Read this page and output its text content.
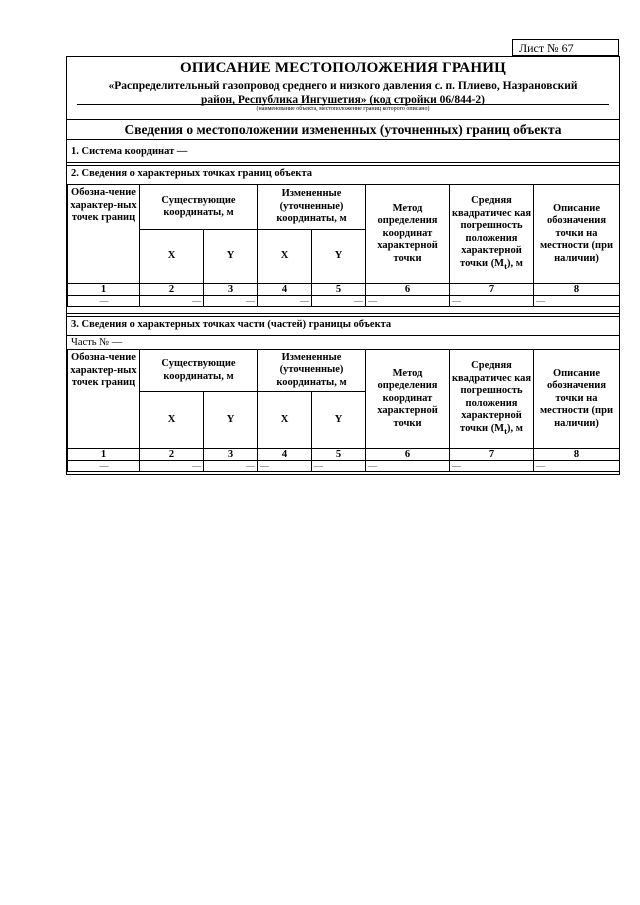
Лист № 67
ОПИСАНИЕ МЕСТОПОЛОЖЕНИЯ ГРАНИЦ
«Распределительный газопровод среднего и низкого давления с. п. Плиево, Назрановский
район, Республика Ингушетия» (код стройки 06/844-2)
(наименование объекта, местоположение границ которого описано)
Сведения о местоположении измененных (уточненных) границ объекта
1. Система координат —
2. Сведения о характерных точках границ объекта
Обозна-чение характер-ных точек границ	Существующие координаты, м		Измененные (уточненные) координаты, м		Метод определения координат характерной точки	Средняя квадратичес кая погрешность положения характерной точки $(M_t)$, м	Описание обозначения точки на местности (при наличии)
	X	Y	X	Y			
1	2	3	4	5	6	7	8
—	—	—	—	—	—	—	—
3. Сведения о характерных точках части (частей) границы объекта
Часть № —
Обозна-чение характер-ных точек границ	Существующие координаты, м		Измененные (уточненные) координаты, м		Метод определения координат характерной точки	Средняя квадратичес кая погрешность положения характерной точки $(M_t)$, м	Описание обозначения точки на местности (при наличии)
	X	Y	X	Y			
1	2	3	4	5	6	7	8
—	—	—	—	—	—	—	—
